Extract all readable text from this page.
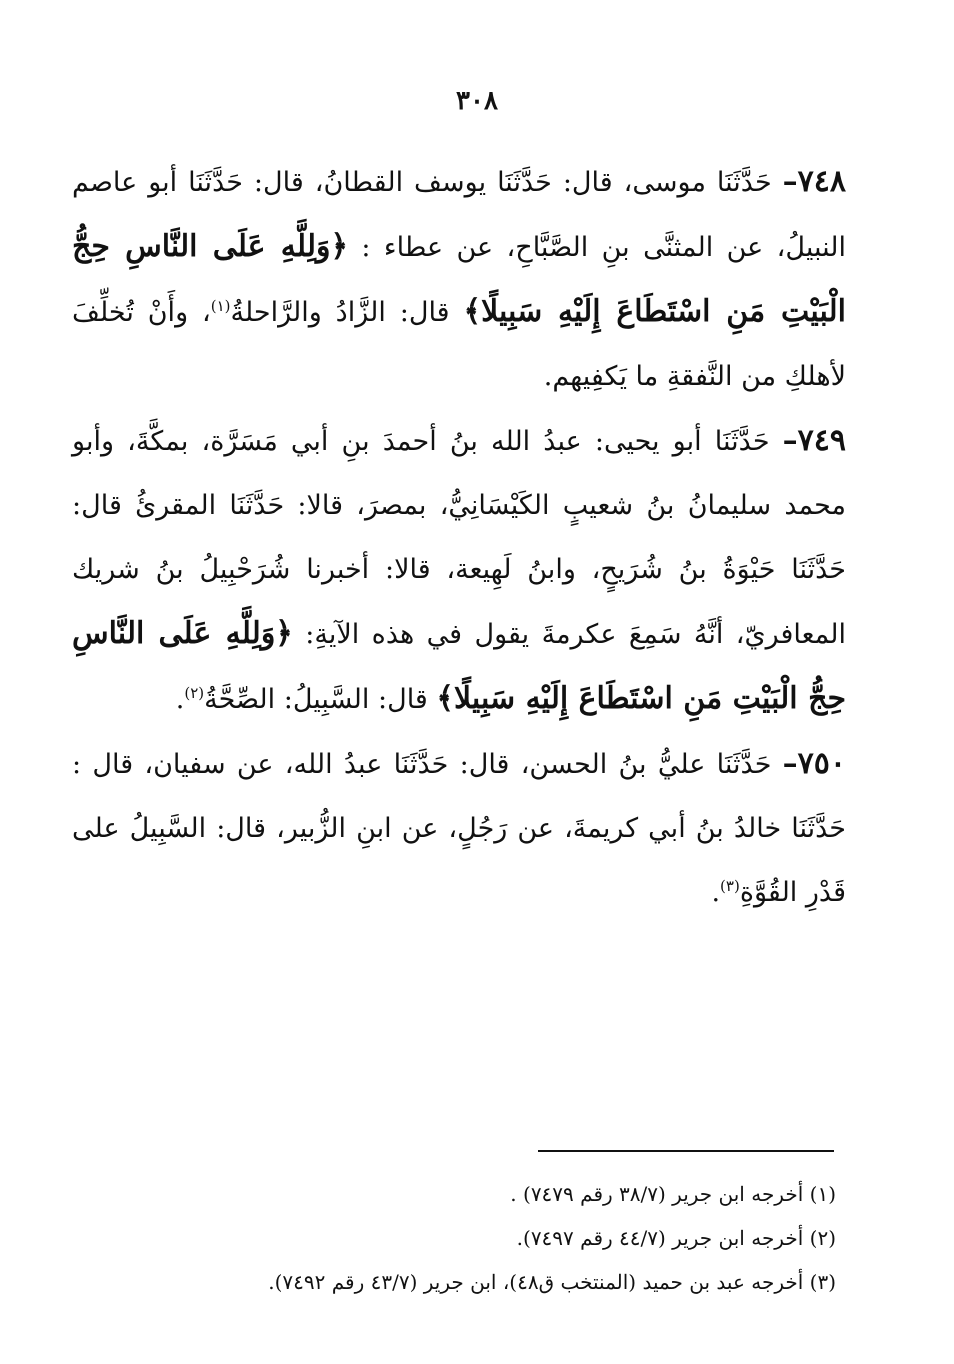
٣٠٨

٧٤٨– حَدَّثَنَا موسى، قال: حَدَّثَنَا يوسف القطانُ، قال: حَدَّثَنَا أبو عاصم النبيلُ، عن المثنَّى بنِ الصَّبَّاحِ، عن عطاء : ﴿وَلِلَّهِ عَلَى النَّاسِ حِجُّ الْبَيْتِ مَنِ اسْتَطَاعَ إِلَيْهِ سَبِيلًا﴾ قال: الزَّادُ والرَّاحلةُ$^{(١)}$، وأَنْ تُخلِّفَ لأهلكِ من النَّفقةِ ما يَكفِيهم.

٧٤٩– حَدَّثَنَا أبو يحيى: عبدُ الله بنُ أحمدَ بنِ أبي مَسَرَّة، بمكَّةَ، وأبو محمد سليمانُ بنُ شعيبٍ الكَيْسَانِيُّ، بمصرَ، قالا: حَدَّثَنَا المقرئُ قال: حَدَّثَنَا حَيْوَةُ بنُ شُرَيحٍ، وابنُ لَهِيعة، قالا: أخبرنا شُرَحْبِيلُ بنُ شريك المعافريّ، أنَّهُ سَمِعَ عكرمةَ يقول في هذه الآيةِ: ﴿وَلِلَّهِ عَلَى النَّاسِ حِجُّ الْبَيْتِ مَنِ اسْتَطَاعَ إِلَيْهِ سَبِيلًا﴾ قال: السَّبِيلُ: الصِّحَّةُ$^{(٢)}$.

٧٥٠– حَدَّثَنَا عليُّ بنُ الحسن، قال: حَدَّثَنَا عبدُ الله، عن سفيان، قال : حَدَّثَنَا خالدُ بنُ أبي كريمةَ، عن رَجُلٍ، عن ابنِ الزُّبير، قال: السَّبِيلُ على قَدْرِ القُوَّةِ$^{(٣)}$.

(١) أخرجه ابن جرير (٣٨/٧ رقم ٧٤٧٩) .

(٢) أخرجه ابن جرير (٤٤/٧ رقم ٧٤٩٧).

(٣) أخرجه عبد بن حميد (المنتخب ق٤٨)، ابن جرير (٤٣/٧ رقم ٧٤٩٢).
